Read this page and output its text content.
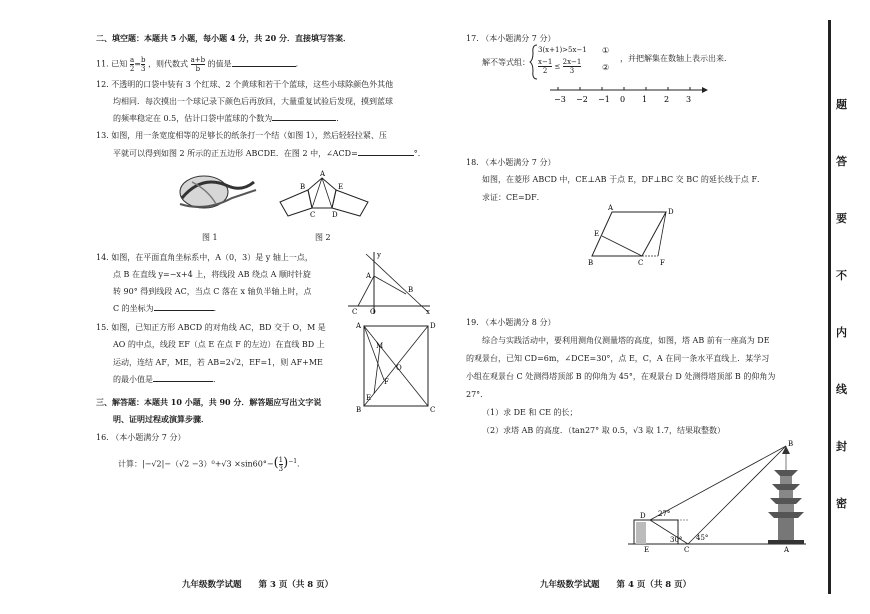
二、填空题：本题共 5 小题，每小题 4 分，共 20 分．直接填写答案．
11. 已知 $\frac{a}{2} = \frac{b}{3}$ ，则代数式 $\frac{a+b}{b}$ 的值是	．
12. 不透明的口袋中装有 3 个红球、2 个黄球和若干个蓝球，这些小球除颜色外其他
均相同．每次摸出一个球记录下颜色后再放回，大量重复试验后发现，摸到蓝球
的频率稳定在 0.5，估计口袋中蓝球的个数为	．
13. 如图，用一条宽度相等的足够长的纸条打一个结（如图 1），然后轻轻拉紧、压
平就可以得到如图 2 所示的正五边形 ABCDE．在图 2 中，∠ACD=	°．
图 1
A
B	E
C D
图 2
14. 如图，在平面直角坐标系中，A（0，3）是 y 轴上一点，
点 B 在直线 y=−x+4 上，将线段 AB 绕点 A 顺时针旋
转 90° 得到线段 AC，当点 C 落在 x 轴负半轴上时，点
C 的坐标为	．
A
B
C O
y
x
15. 如图，已知正方形 ABCD 的对角线 AC，BD 交于 O，M 是
AO 的中点，线段 EF（点 E 在点 F 的左边）在直线 BD 上
运动，连结 AF，ME，若 AB=2√2，EF=1，则 AF+ME
的最小值是	．
A	D
B	C
O
M
F
E
三、解答题：本题共 10 小题，共 90 分．解答题应写出文字说
明、证明过程或演算步骤．
16. （本小题满分 7 分）
计算：$|-√2|-(√2 -3)^0+√3 \times\sin 60^\circ-( \frac{1}{3} )^{-1}$．
九年级数学试题　　第 3 页（共 8 页）
17. （本小题满分 7 分）
解不等式组：
3(x+1)>5x−1
$\frac{x-1}{2} \le \frac{2x-1}{3}$
①
②
，并把解集在数轴上表示出来．
−3 −2 −1 0 1 2 3
18. （本小题满分 7 分）
如图，在菱形 ABCD 中，CE⊥AB 于点 E，DF⊥BC 交 BC 的延长线于点 F．
求证：CE=DF．
A	D
B	C F
E
19. （本小题满分 8 分）
综合与实践活动中，要利用测角仪测量塔的高度，如图，塔 AB 前有一座高为 DE
的观景台，已知 CD=6m，∠DCE=30°，点 E，C，A 在同一条水平直线上．某学习
小组在观景台 C 处测得塔顶部 B 的仰角为 45°，在观景台 D 处测得塔顶部 B 的仰角为
27°．
（1）求 DE 和 CE 的长；
（2）求塔 AB 的高度．（tan27° 取 0.5，√3 取 1.7，结果取整数）
B
A
D
E	C
27°
30° 45°
九年级数学试题　　第 4 页（共 8 页）
题
答
要
不
内
线
封
密
